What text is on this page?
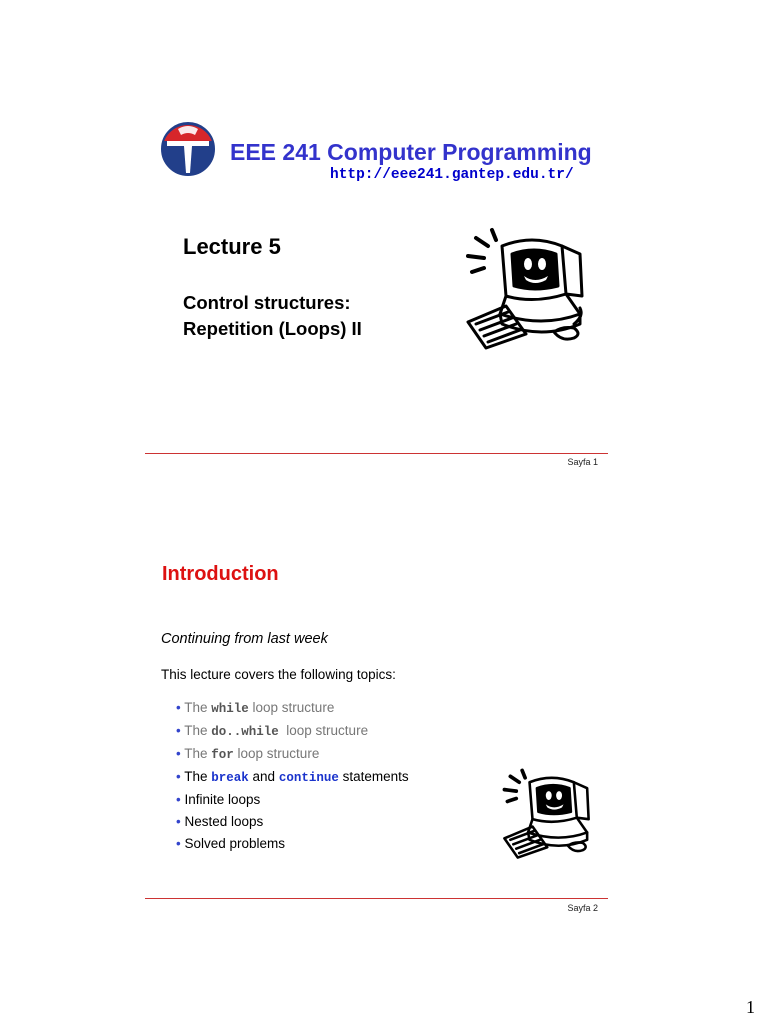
EEE 241 Computer Programming
http://eee241.gantep.edu.tr/
Lecture 5
Control structures:
Repetition (Loops) II
Sayfa 1
Introduction
Continuing from last week
This lecture covers the following topics:
• The while loop structure
• The do..while  loop structure
• The for loop structure
• The break and continue statements
• Infinite loops
• Nested loops
• Solved problems
Sayfa 2
1
